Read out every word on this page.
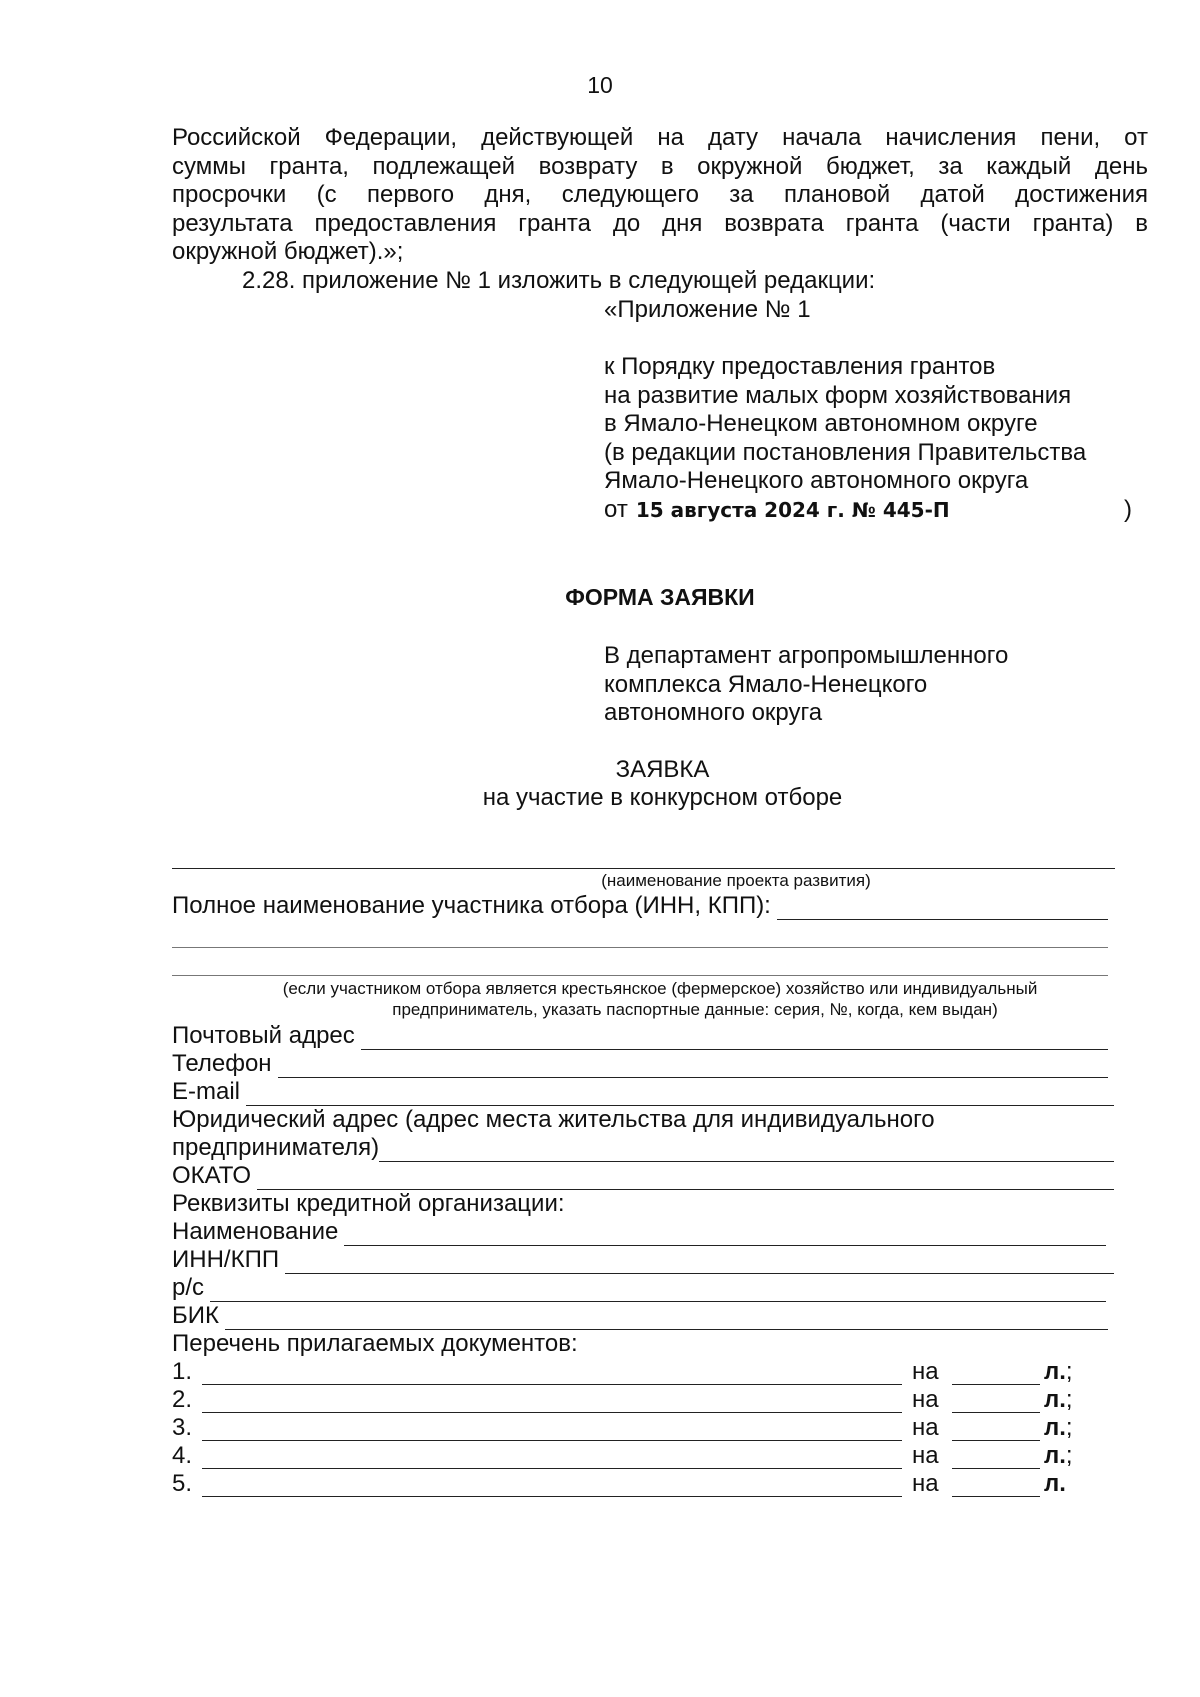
10
Российской Федерации, действующей на дату начала начисления пени, от
суммы гранта, подлежащей возврату в окружной бюджет, за каждый день
просрочки (с первого дня, следующего за плановой датой достижения
результата предоставления гранта до дня возврата гранта (части гранта) в
окружной бюджет).»;
2.28. приложение № 1 изложить в следующей редакции:
«Приложение № 1
к Порядку предоставления грантов
на развитие малых форм хозяйствования
в Ямало-Ненецком автономном округе
(в редакции постановления Правительства
Ямало-Ненецкого автономного округа
от 15 августа 2024 г. № 445-П	)
ФОРМА ЗАЯВКИ
В департамент агропромышленного
комплекса Ямало-Ненецкого
автономного округа
ЗАЯВКА
на участие в конкурсном отборе
(наименование проекта развития)
Полное наименование участника отбора (ИНН, КПП):
(если участником отбора является крестьянское (фермерское) хозяйство или индивидуальный
предприниматель, указать паспортные данные: серия, №, когда, кем выдан)
Почтовый адрес
Телефон
E-mail
Юридический адрес (адрес места жительства для индивидуального
предпринимателя)
ОКАТО
Реквизиты кредитной организации:
Наименование
ИНН/КПП
р/с
БИК
Перечень прилагаемых документов:
1.	на	л.;
2.	на	л.;
3.	на	л.;
4.	на	л.;
5.	на	л.
